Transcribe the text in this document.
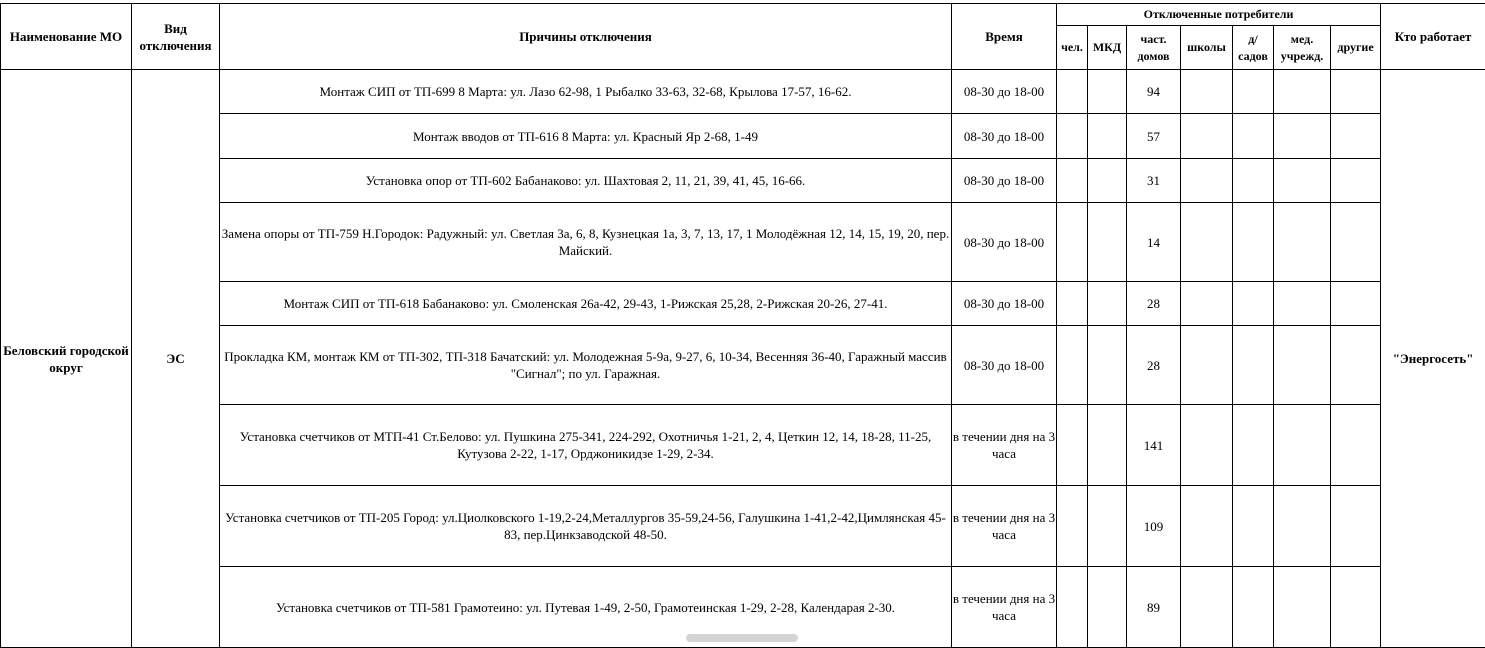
Наименование МО	Вид отключения	Причины отключения	Время	Отключенные потребители							Кто работает
				чел.	МКД	част. домов	школы	д/ садов	мед. учрежд.	другие	
Беловский городской округ	ЭС	Монтаж СИП от ТП-699 8 Марта: ул. Лазо 62-98, 1 Рыбалко 33-63, 32-68, Крылова 17-57, 16-62.	08-30 до 18-00			94					"Энергосеть"
		Монтаж вводов от ТП-616 8 Марта: ул. Красный Яр 2-68, 1-49	08-30 до 18-00			57					
		Установка опор от ТП-602 Бабанаково: ул. Шахтовая 2, 11, 21, 39, 41, 45, 16-66.	08-30 до 18-00			31					
		Замена опоры от ТП-759 Н.Городок: Радужный: ул. Светлая 3а, 6, 8, Кузнецкая 1а, 3, 7, 13, 17, 1 Молодёжная 12, 14, 15, 19, 20, пер. Майский.	08-30 до 18-00			14					
		Монтаж СИП от ТП-618 Бабанаково: ул. Смоленская 26а-42, 29-43, 1-Рижская 25,28, 2-Рижская 20-26, 27-41.	08-30 до 18-00			28					
		Прокладка КМ, монтаж КМ от ТП-302, ТП-318 Бачатский: ул. Молодежная 5-9а, 9-27, 6, 10-34, Весенняя 36-40, Гаражный массив "Сигнал"; по ул. Гаражная.	08-30 до 18-00			28					
		Установка счетчиков от МТП-41 Ст.Белово: ул. Пушкина 275-341, 224-292, Охотничья 1-21, 2, 4, Цеткин 12, 14, 18-28, 11-25, Кутузова 2-22, 1-17, Орджоникидзе 1-29, 2-34.	в течении дня на 3 часа			141					
		Установка счетчиков от ТП-205 Город: ул.Циолковского 1-19,2-24,Металлургов 35-59,24-56, Галушкина 1-41,2-42,Цимлянская 45-83, пер.Цинкзаводской 48-50.	в течении дня на 3 часа			109					
		Установка счетчиков от ТП-581 Грамотеино: ул. Путевая 1-49, 2-50, Грамотеинская 1-29, 2-28, Календарая 2-30.	в течении дня на 3 часа			89					
